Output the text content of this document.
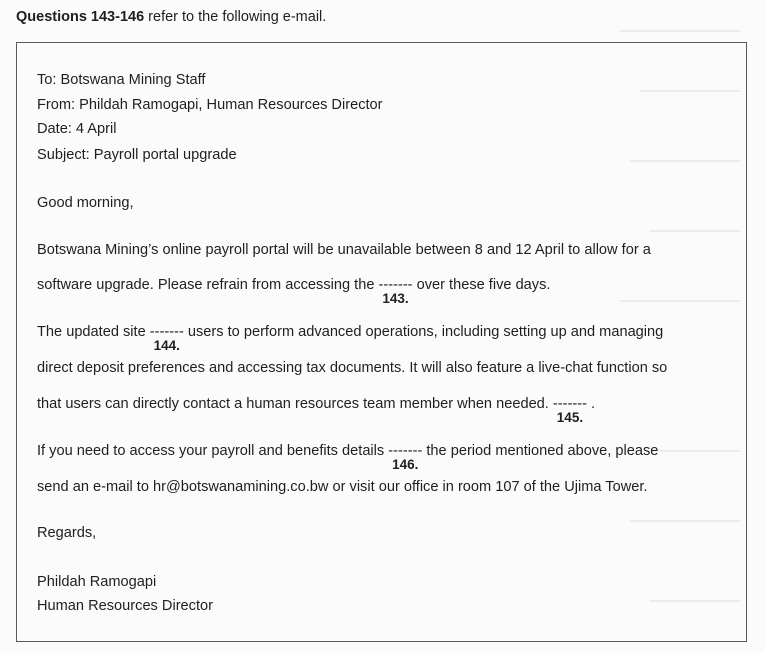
Questions 143-146 refer to the following e-mail.
To: Botswana Mining Staff
From: Phildah Ramogapi, Human Resources Director
Date: 4 April
Subject: Payroll portal upgrade
Good morning,
Botswana Mining’s online payroll portal will be unavailable between 8 and 12 April to allow for a
software upgrade. Please refrain from accessing the -------
143.
over these five days.
The updated site -------
144.
users to perform advanced operations, including setting up and managing
direct deposit preferences and accessing tax documents. It will also feature a live-chat function so
that users can directly contact a human resources team member when needed. -------
145.
.
If you need to access your payroll and benefits details -------
146.
the period mentioned above, please
send an e-mail to hr@botswanamining.co.bw or visit our office in room 107 of the Ujima Tower.
Regards,
Phildah Ramogapi
Human Resources Director
